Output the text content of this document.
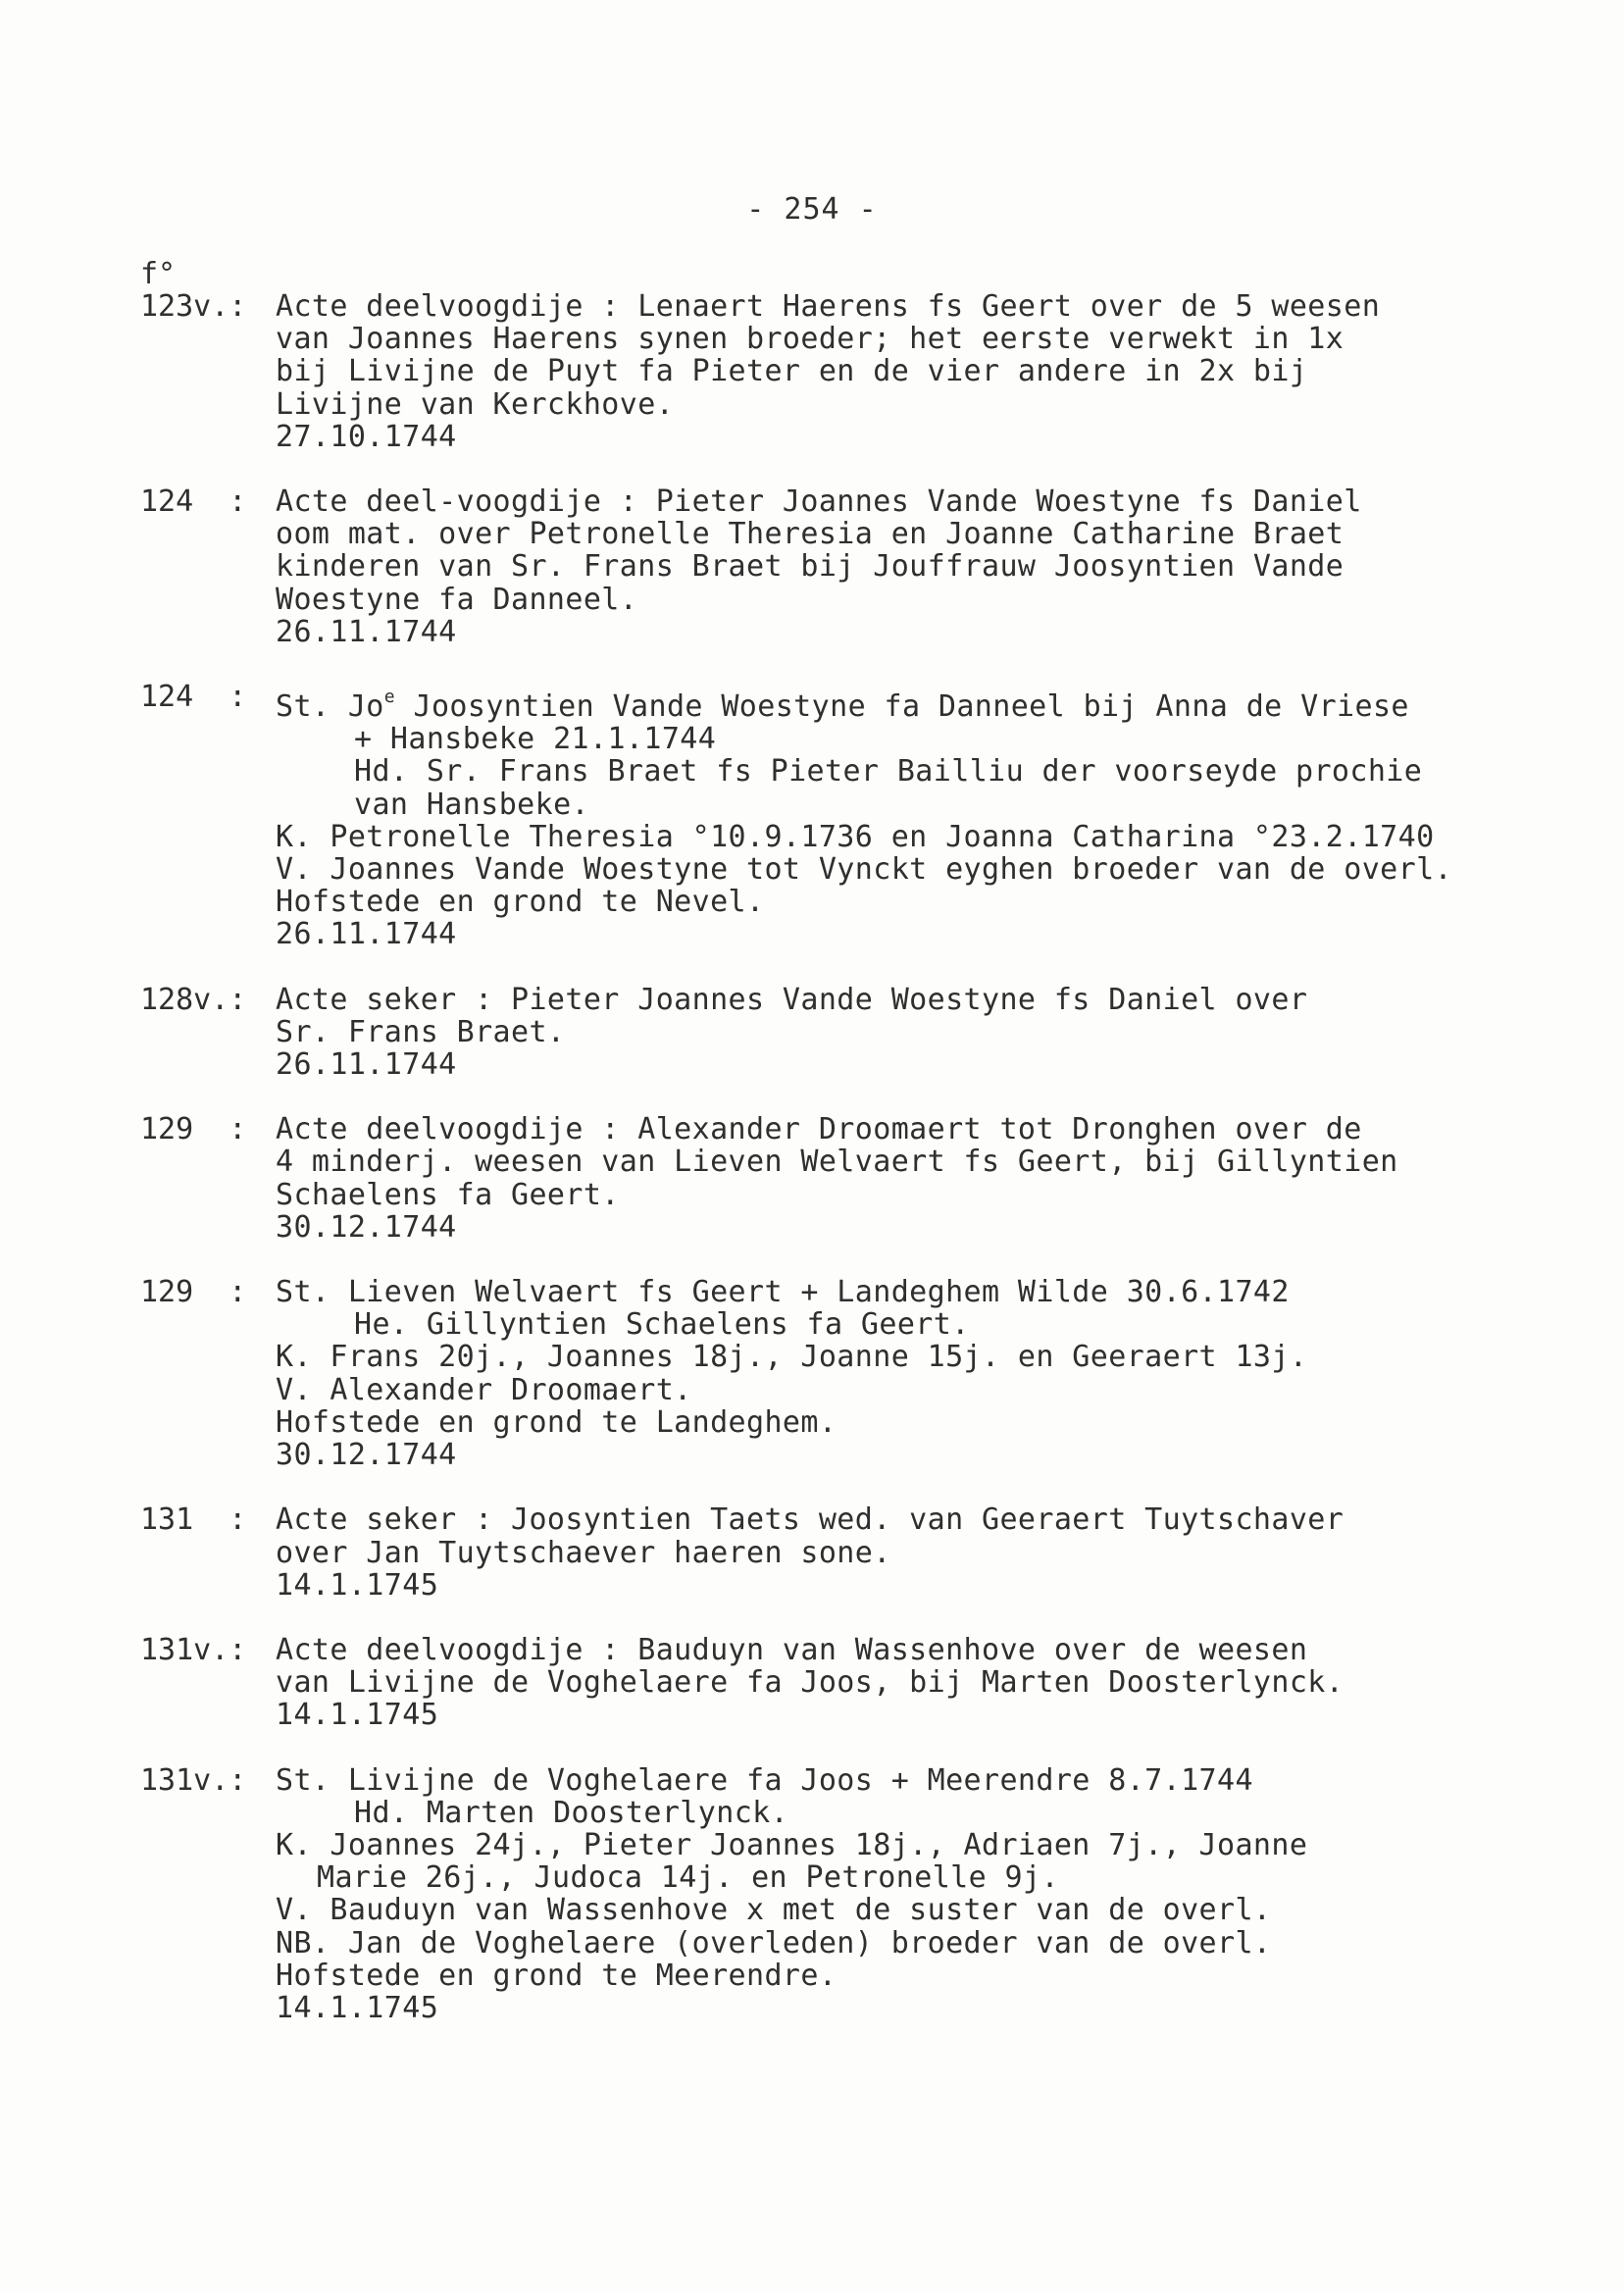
- 254 -
f°
123v.: Acte deelvoogdije : Lenaert Haerens fs Geert over de 5 weesen
van Joannes Haerens synen broeder; het eerste verwekt in 1x
bij Livijne de Puyt fa Pieter en de vier andere in 2x bij
Livijne van Kerckhove.
27.10.1744
124  : Acte deel-voogdije : Pieter Joannes Vande Woestyne fs Daniel
oom mat. over Petronelle Theresia en Joanne Catharine Braet
kinderen van Sr. Frans Braet bij Jouffrauw Joosyntien Vande
Woestyne fa Danneel.
26.11.1744
124  : St. Jo$^e$ Joosyntien Vande Woestyne fa Danneel bij Anna de Vriese
+ Hansbeke 21.1.1744
Hd. Sr. Frans Braet fs Pieter Bailliu der voorseyde prochie
van Hansbeke.
K. Petronelle Theresia °10.9.1736 en Joanna Catharina °23.2.1740
V. Joannes Vande Woestyne tot Vynckt eyghen broeder van de overl.
Hofstede en grond te Nevel.
26.11.1744
128v.: Acte seker : Pieter Joannes Vande Woestyne fs Daniel over
Sr. Frans Braet.
26.11.1744
129  : Acte deelvoogdije : Alexander Droomaert tot Dronghen over de
4 minderj. weesen van Lieven Welvaert fs Geert, bij Gillyntien
Schaelens fa Geert.
30.12.1744
129  : St. Lieven Welvaert fs Geert + Landeghem Wilde 30.6.1742
He. Gillyntien Schaelens fa Geert.
K. Frans 20j., Joannes 18j., Joanne 15j. en Geeraert 13j.
V. Alexander Droomaert.
Hofstede en grond te Landeghem.
30.12.1744
131  : Acte seker : Joosyntien Taets wed. van Geeraert Tuytschaver
over Jan Tuytschaever haeren sone.
14.1.1745
131v.: Acte deelvoogdije : Bauduyn van Wassenhove over de weesen
van Livijne de Voghelaere fa Joos, bij Marten Doosterlynck.
14.1.1745
131v.: St. Livijne de Voghelaere fa Joos + Meerendre 8.7.1744
Hd. Marten Doosterlynck.
K. Joannes 24j., Pieter Joannes 18j., Adriaen 7j., Joanne
Marie 26j., Judoca 14j. en Petronelle 9j.
V. Bauduyn van Wassenhove x met de suster van de overl.
NB. Jan de Voghelaere (overleden) broeder van de overl.
Hofstede en grond te Meerendre.
14.1.1745
